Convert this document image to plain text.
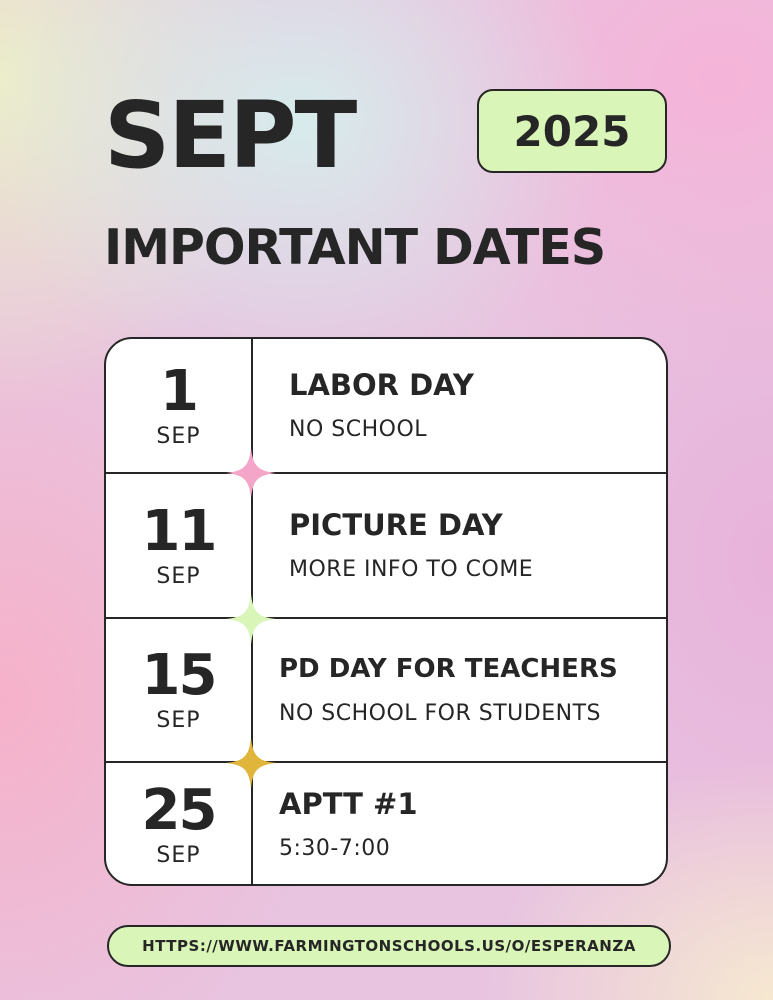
SEPT	2025
IMPORTANT DATES
1
SEP
LABOR DAY
NO SCHOOL
11
SEP
PICTURE DAY
MORE INFO TO COME
15
SEP
PD DAY FOR TEACHERS
NO SCHOOL FOR STUDENTS
25
SEP
APTT #1
5:30-7:00
HTTPS://WWW.FARMINGTONSCHOOLS.US/O/ESPERANZA
